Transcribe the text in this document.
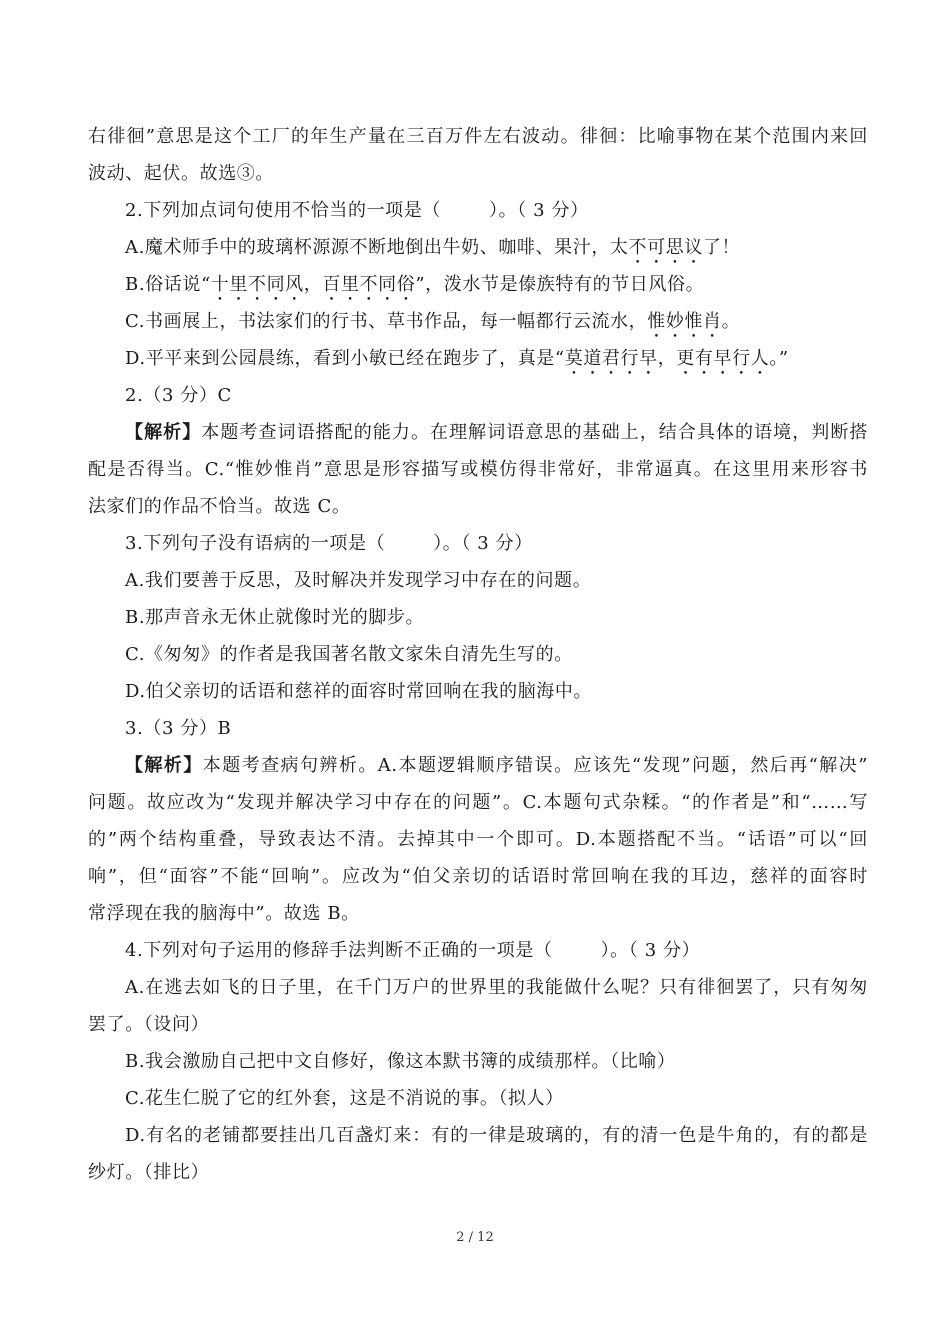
右徘徊”意思是这个工厂的年生产量在三百万件左右波动。徘徊：比喻事物在某个范围内来回
波动、起伏。故选③。
2.下列加点词句使用不恰当的一项是（	）。（ 3 分）
A.魔术师手中的玻璃杯源源不断地倒出牛奶、咖啡、果汁，太不可思议了！
B.俗话说“十里不同风，百里不同俗”，泼水节是傣族特有的节日风俗。
C.书画展上，书法家们的行书、草书作品，每一幅都行云流水，惟妙惟肖。
D.平平来到公园晨练，看到小敏已经在跑步了，真是“莫道君行早，更有早行人。”
2.（3 分）C
【解析】本题考查词语搭配的能力。在理解词语意思的基础上，结合具体的语境，判断搭
配是否得当。C.“惟妙惟肖”意思是形容描写或模仿得非常好，非常逼真。在这里用来形容书
法家们的作品不恰当。故选 C。
3.下列句子没有语病的一项是（	）。（ 3 分）
A.我们要善于反思，及时解决并发现学习中存在的问题。
B.那声音永无休止就像时光的脚步。
C.《匆匆》的作者是我国著名散文家朱自清先生写的。
D.伯父亲切的话语和慈祥的面容时常回响在我的脑海中。
3.（3 分）B
【解析】本题考查病句辨析。A.本题逻辑顺序错误。应该先“发现”问题，然后再“解决”
问题。故应改为“发现并解决学习中存在的问题”。C.本题句式杂糅。“的作者是”和“……写
的”两个结构重叠，导致表达不清。去掉其中一个即可。D.本题搭配不当。“话语”可以“回
响”，但“面容”不能“回响”。应改为“伯父亲切的话语时常回响在我的耳边，慈祥的面容时
常浮现在我的脑海中”。故选 B。
4.下列对句子运用的修辞手法判断不正确的一项是（	）。（ 3 分）
A.在逃去如飞的日子里，在千门万户的世界里的我能做什么呢？只有徘徊罢了，只有匆匆
罢了。（设问）
B.我会激励自己把中文自修好，像这本默书簿的成绩那样。（比喻）
C.花生仁脱了它的红外套，这是不消说的事。（拟人）
D.有名的老铺都要挂出几百盏灯来：有的一律是玻璃的，有的清一色是牛角的，有的都是
纱灯。（排比）
2 / 12
